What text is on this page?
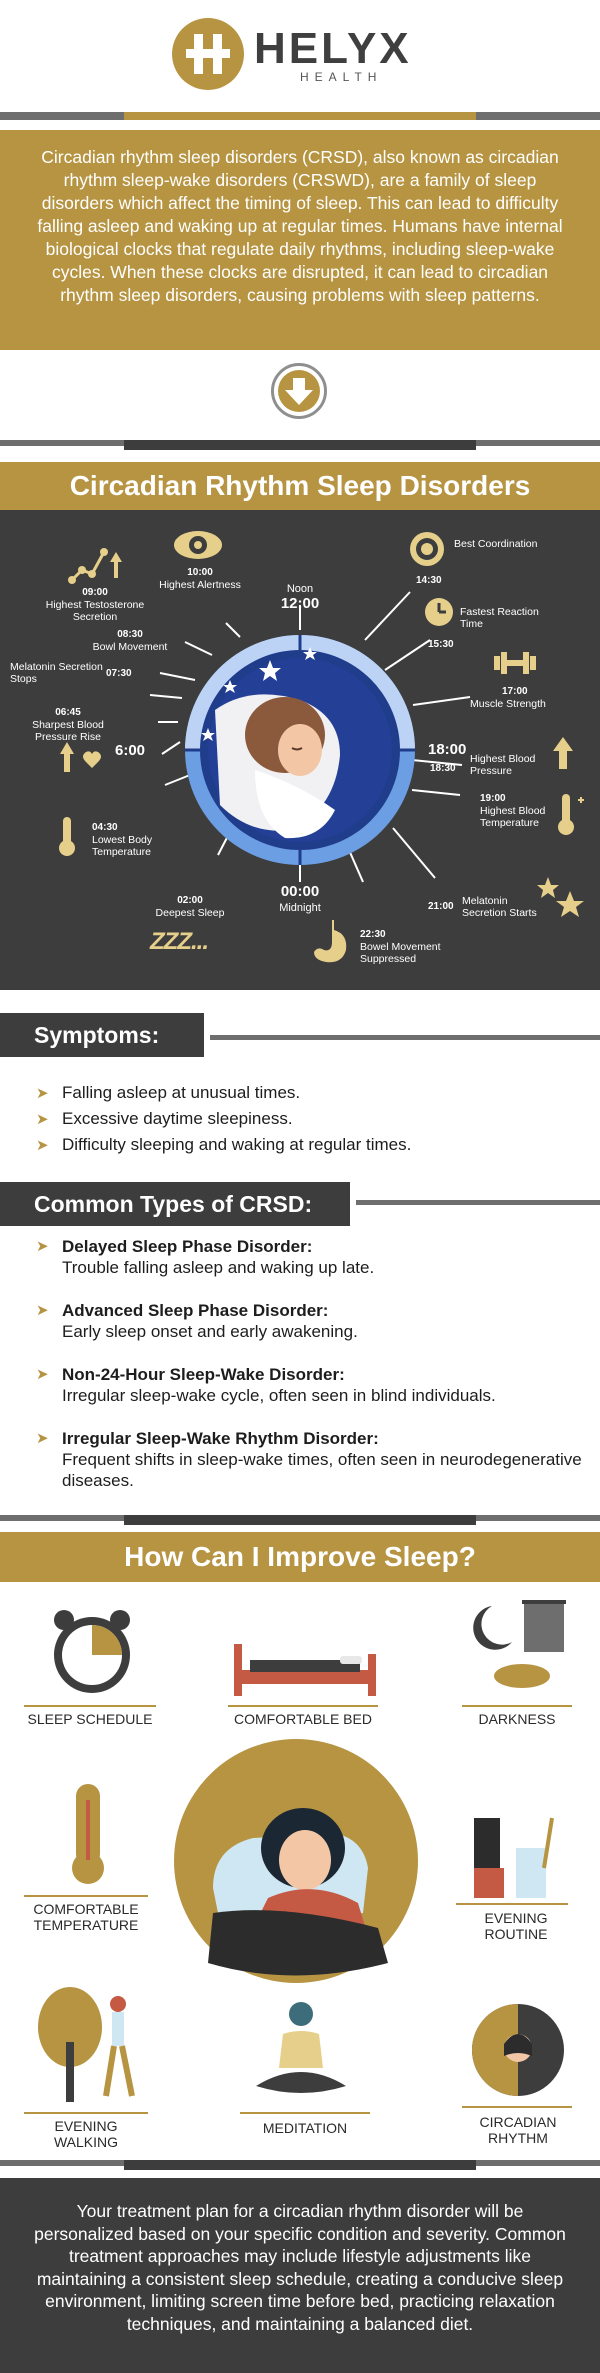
HELYX
HEALTH
Circadian rhythm sleep disorders (CRSD), also known as circadian rhythm sleep-wake disorders (CRSWD), are a family of sleep disorders which affect the timing of sleep. This can lead to difficulty falling asleep and waking up at regular times. Humans have internal biological clocks that regulate daily rhythms, including sleep-wake cycles. When these clocks are disrupted, it can lead to circadian rhythm sleep disorders, causing problems with sleep patterns.
Circadian Rhythm Sleep Disorders
ZZZ...
Noon
12:00
6:00	18:00
00:00
Midnight
10:00
Highest Alertness
09:00
Highest Testosterone Secretion
08:30
Bowl Movement
Melatonin Secretion Stops	07:30
06:45
Sharpest Blood Pressure Rise
04:30
Lowest Body Temperature
02:00
Deepest Sleep
22:30
Bowel Movement Suppressed
21:00 Melatonin Secretion Starts
19:00
Highest Blood Temperature
18:30
Highest Blood Pressure
17:00
Muscle Strength
15:30
Fastest Reaction Time
14:30
Best Coordination
Symptoms:
➤ Falling asleep at unusual times.
➤ Excessive daytime sleepiness.
➤ Difficulty sleeping and waking at regular times.
Common Types of CRSD:
➤ Delayed Sleep Phase Disorder:
Trouble falling asleep and waking up late.
➤ Advanced Sleep Phase Disorder:
Early sleep onset and early awakening.
➤ Non-24-Hour Sleep-Wake Disorder:
Irregular sleep-wake cycle, often seen in blind individuals.
➤ Irregular Sleep-Wake Rhythm Disorder:
Frequent shifts in sleep-wake times, often seen in neurodegenerative diseases.
How Can I Improve Sleep?
SLEEP SCHEDULE	COMFORTABLE BED	DARKNESS
COMFORTABLE TEMPERATURE	EVENING ROUTINE
EVENING WALKING
MEDITATION	CIRCADIAN RHYTHM
Your treatment plan for a circadian rhythm disorder will be personalized based on your specific condition and severity. Common treatment approaches may include lifestyle adjustments like maintaining a consistent sleep schedule, creating a conducive sleep environment, limiting screen time before bed, practicing relaxation techniques, and maintaining a balanced diet.
